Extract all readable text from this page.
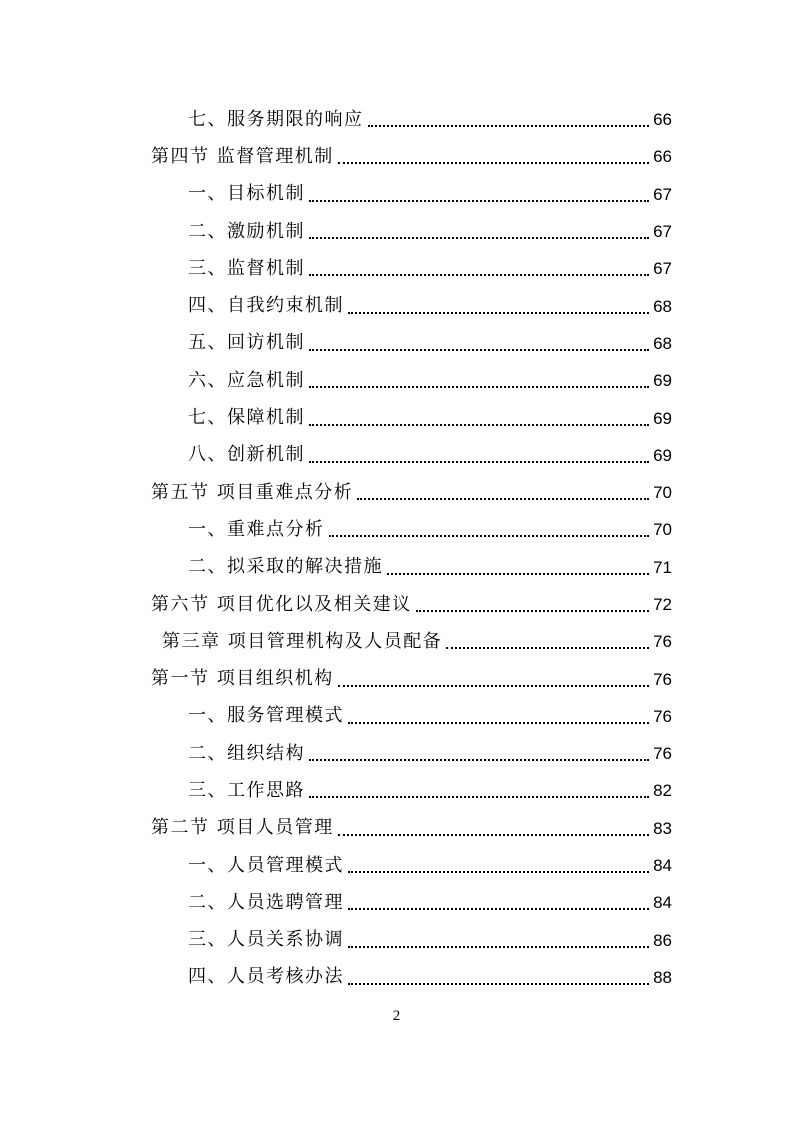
七、服务期限的响应	66
第四节 监督管理机制	66
一、目标机制	67
二、激励机制	67
三、监督机制	67
四、自我约束机制	68
五、回访机制	68
六、应急机制	69
七、保障机制	69
八、创新机制	69
第五节 项目重难点分析	70
一、重难点分析	70
二、拟采取的解决措施	71
第六节 项目优化以及相关建议	72
第三章 项目管理机构及人员配备	76
第一节 项目组织机构	76
一、服务管理模式	76
二、组织结构	76
三、工作思路	82
第二节 项目人员管理	83
一、人员管理模式	84
二、人员选聘管理	84
三、人员关系协调	86
四、人员考核办法	88
2
